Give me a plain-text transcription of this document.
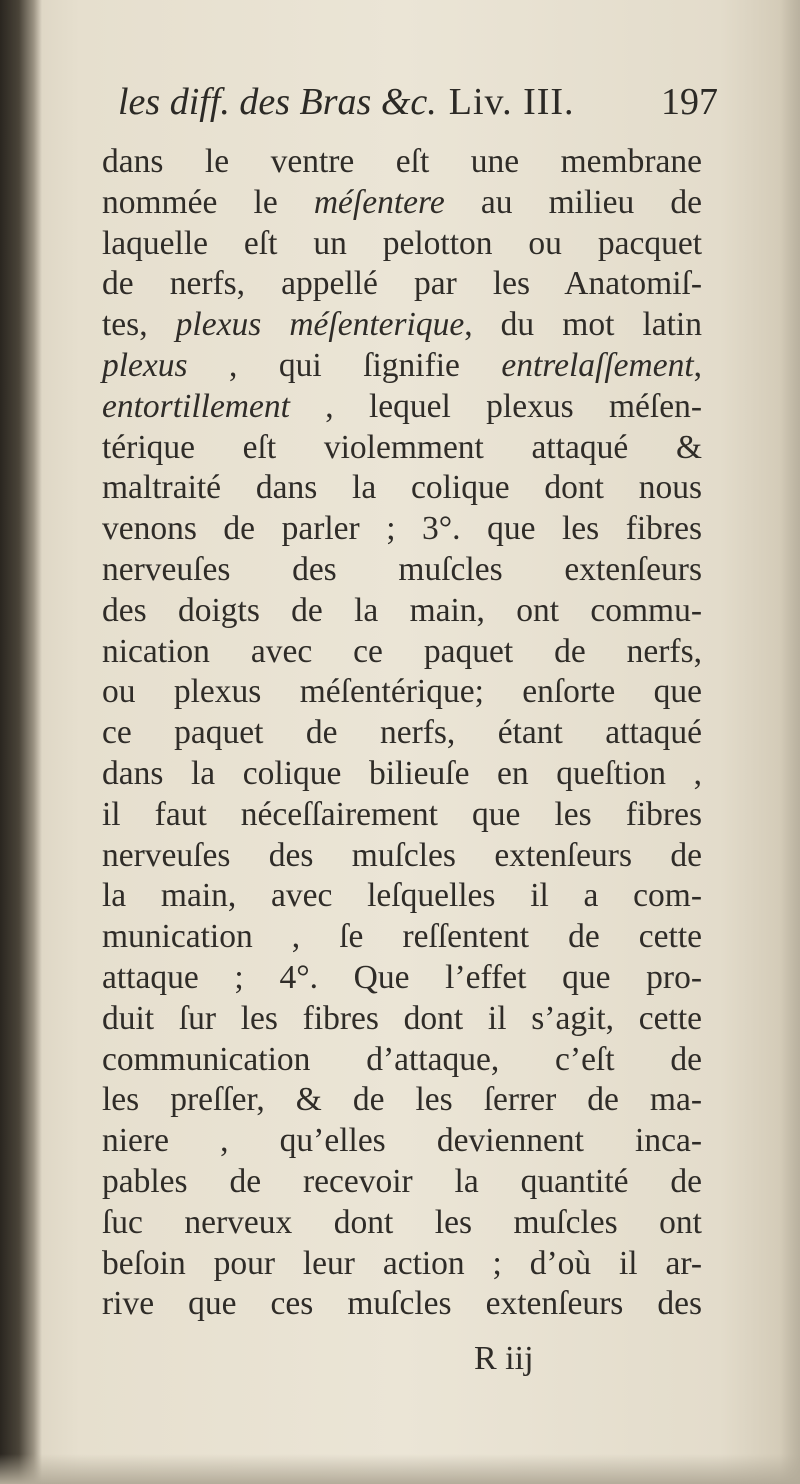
les diff. des Bras &c. Liv. III. 197
dans le ventre eſt une membrane
nommée le méſentere au milieu de
laquelle eſt un pelotton ou pacquet
de nerfs, appellé par les Anatomiſ-
tes, plexus méſenterique, du mot latin
plexus , qui ſignifie entrelaſſement,
entortillement , lequel plexus méſen-
térique eſt violemment attaqué &
maltraité dans la colique dont nous
venons de parler ; 3°. que les fibres
nerveuſes des muſcles extenſeurs
des doigts de la main, ont commu-
nication avec ce paquet de nerfs,
ou plexus méſentérique; enſorte que
ce paquet de nerfs, étant attaqué
dans la colique bilieuſe en queſtion ,
il faut néceſſairement que les fibres
nerveuſes des muſcles extenſeurs de
la main, avec leſquelles il a com-
munication , ſe reſſentent de cette
attaque ; 4°. Que l’effet que pro-
duit ſur les fibres dont il s’agit, cette
communication d’attaque, c’eſt de
les preſſer, & de les ſerrer de ma-
niere , qu’elles deviennent inca-
pables de recevoir la quantité de
ſuc nerveux dont les muſcles ont
beſoin pour leur action ; d’où il ar-
rive que ces muſcles extenſeurs des
R iij
